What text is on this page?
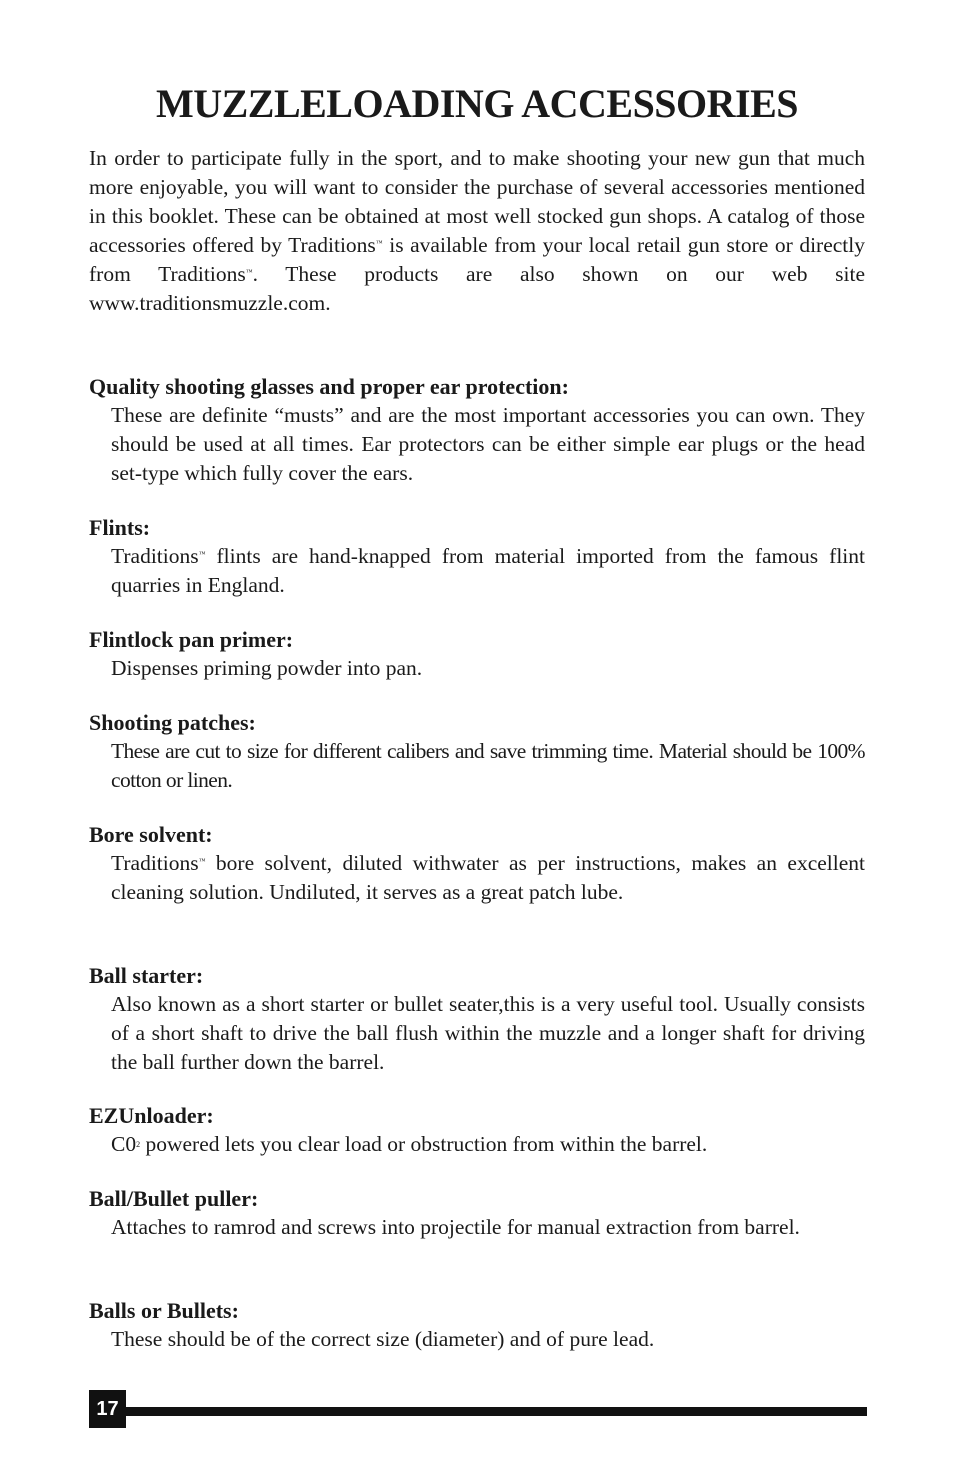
MUZZLELOADING ACCESSORIES

In order to participate fully in the sport, and to make shooting your new gun that much more enjoyable, you will want to consider the purchase of several accessories mentioned in this booklet. These can be obtained at most well stocked gun shops. A catalog of those accessories offered by Traditions™ is available from your local retail gun store or directly from Traditions™. These products are also shown on our web site www.traditionsmuzzle.com.

Quality shooting glasses and proper ear protection:

These are definite “musts” and are the most important accessories you can own. They should be used at all times. Ear protectors can be either simple ear plugs or the head set-type which fully cover the ears.

Flints:

Traditions™ flints are hand-knapped from material imported from the famous flint quarries in England.

Flintlock pan primer:

Dispenses priming powder into pan.

Shooting patches:

These are cut to size for different calibers and save trimming time. Material should be 100% cotton or linen.

Bore solvent:

Traditions™ bore solvent, diluted withwater as per instructions, makes an excellent cleaning solution. Undiluted, it serves as a great patch lube.

Ball starter:

Also known as a short starter or bullet seater,this is a very useful tool. Usually consists of a short shaft to drive the ball flush within the muzzle and a longer shaft for driving the ball further down the barrel.

EZUnloader:

$C0^2$ powered lets you clear load or obstruction from within the barrel.

Ball/Bullet puller:

Attaches to ramrod and screws into projectile for manual extraction from barrel.

Balls or Bullets:

These should be of the correct size (diameter) and of pure lead.

17
